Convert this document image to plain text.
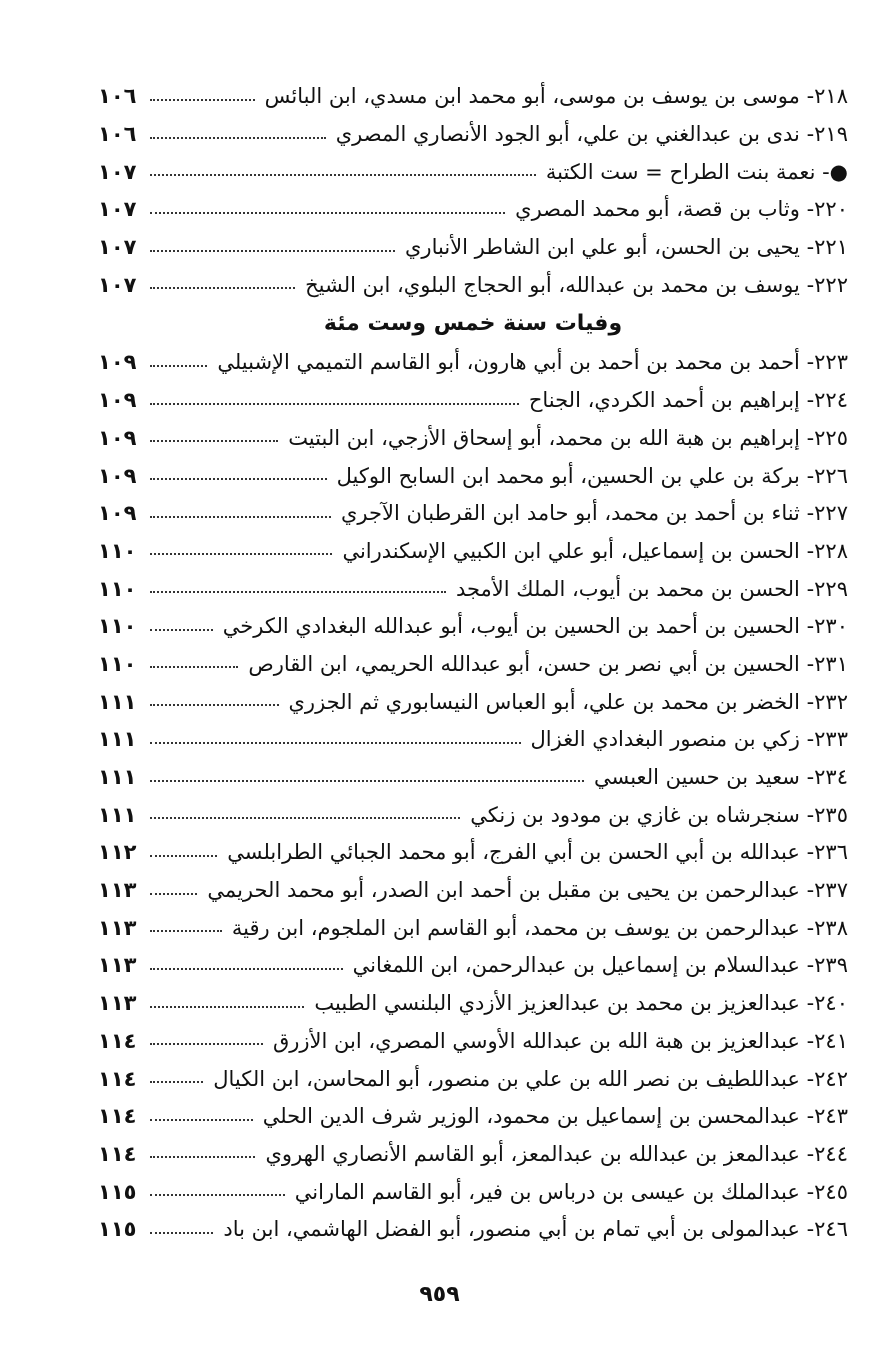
٢١٨- موسى بن يوسف بن موسى، أبو محمد ابن مسدي، ابن البائس
١٠٦
٢١٩- ندى بن عبدالغني بن علي، أبو الجود الأنصاري المصري
١٠٦
●- نعمة بنت الطراح = ست الكتبة
١٠٧
٢٢٠- وثاب بن قصة، أبو محمد المصري
١٠٧
٢٢١- يحيى بن الحسن، أبو علي ابن الشاطر الأنباري
١٠٧
٢٢٢- يوسف بن محمد بن عبدالله، أبو الحجاج البلوي، ابن الشيخ
١٠٧
وفيات سنة خمس وست مئة
٢٢٣- أحمد بن محمد بن أحمد بن أبي هارون، أبو القاسم التميمي الإشبيلي
١٠٩
٢٢٤- إبراهيم بن أحمد الكردي، الجناح
١٠٩
٢٢٥- إبراهيم بن هبة الله بن محمد، أبو إسحاق الأزجي، ابن البتيت
١٠٩
٢٢٦- بركة بن علي بن الحسين، أبو محمد ابن السابح الوكيل
١٠٩
٢٢٧- ثناء بن أحمد بن محمد، أبو حامد ابن القرطبان الآجري
١٠٩
٢٢٨- الحسن بن إسماعيل، أبو علي ابن الكبيي الإسكندراني
١١٠
٢٢٩- الحسن بن محمد بن أيوب، الملك الأمجد
١١٠
٢٣٠- الحسين بن أحمد بن الحسين بن أيوب، أبو عبدالله البغدادي الكرخي
١١٠
٢٣١- الحسين بن أبي نصر بن حسن، أبو عبدالله الحريمي، ابن القارص
١١٠
٢٣٢- الخضر بن محمد بن علي، أبو العباس النيسابوري ثم الجزري
١١١
٢٣٣- زكي بن منصور البغدادي الغزال
١١١
٢٣٤- سعيد بن حسين العبسي
١١١
٢٣٥- سنجرشاه بن غازي بن مودود بن زنكي
١١١
٢٣٦- عبدالله بن أبي الحسن بن أبي الفرج، أبو محمد الجبائي الطرابلسي
١١٢
٢٣٧- عبدالرحمن بن يحيى بن مقبل بن أحمد ابن الصدر، أبو محمد الحريمي
١١٣
٢٣٨- عبدالرحمن بن يوسف بن محمد، أبو القاسم ابن الملجوم، ابن رقية
١١٣
٢٣٩- عبدالسلام بن إسماعيل بن عبدالرحمن، ابن اللمغاني
١١٣
٢٤٠- عبدالعزيز بن محمد بن عبدالعزيز الأزدي البلنسي الطبيب
١١٣
٢٤١- عبدالعزيز بن هبة الله بن عبدالله الأوسي المصري، ابن الأزرق
١١٤
٢٤٢- عبداللطيف بن نصر الله بن علي بن منصور، أبو المحاسن، ابن الكيال
١١٤
٢٤٣- عبدالمحسن بن إسماعيل بن محمود، الوزير شرف الدين الحلي
١١٤
٢٤٤- عبدالمعز بن عبدالله بن عبدالمعز، أبو القاسم الأنصاري الهروي
١١٤
٢٤٥- عبدالملك بن عيسى بن درباس بن فير، أبو القاسم الماراني
١١٥
٢٤٦- عبدالمولى بن أبي تمام بن أبي منصور، أبو الفضل الهاشمي، ابن باد
١١٥
٩٥٩
